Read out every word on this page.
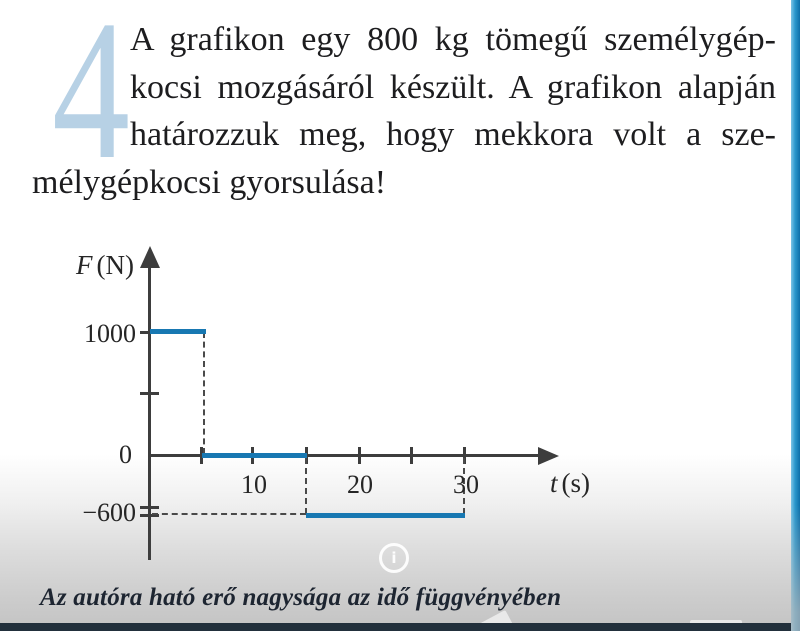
4 A grafikon egy 800 kg tömegű személygép-
kocsi mozgásáról készült. A grafikon alapján
határozzuk meg, hogy mekkora volt a sze-
mélygépkocsi gyorsulása!
1000
0
−600
10	20	30
F (N)
t (s)
Az autóra ható erő nagysága az idő függvényében
i
